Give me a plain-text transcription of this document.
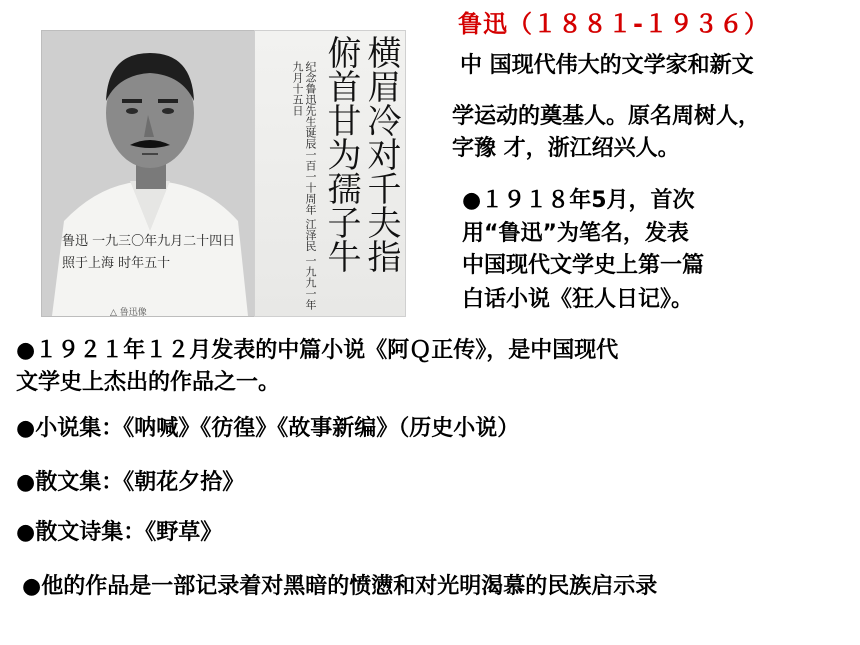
鲁迅 一九三〇年九月二十四日照于上海 时年五十	横眉冷对千夫指
俯首甘为孺子牛
纪念鲁迅先生诞辰一百一十周年 江泽民 一九九一年九月十五日
△ 鲁迅像
鲁迅（１８８１-１９３６）
中 国现代伟大的文学家和新文
学运动的奠基人。原名周树人，
字豫 才，浙江绍兴人。
●１９１８年5月，首次
用“鲁迅”为笔名，发表
中国现代文学史上第一篇
白话小说《狂人日记》。
●１９２１年１２月发表的中篇小说《阿Ｑ正传》，是中国现代
文学史上杰出的作品之一。
●小说集：《呐喊》《彷徨》《故事新编》（历史小说）
●散文集：《朝花夕拾》
●散文诗集：《野草》
●他的作品是一部记录着对黑暗的愤懑和对光明渴慕的民族启示录
